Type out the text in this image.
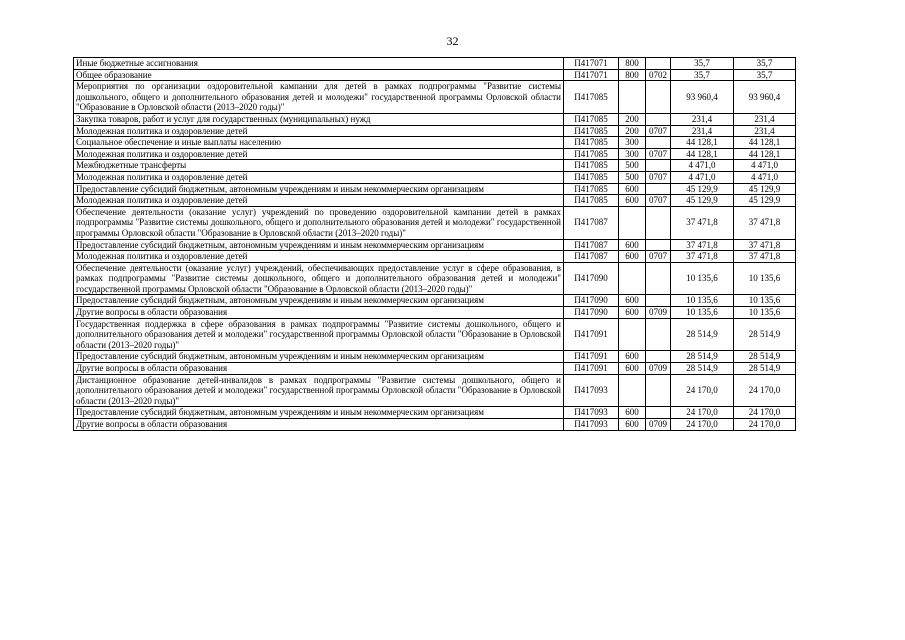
32
Иные бюджетные ассигнования	П417071	800		35,7	35,7
Общее образование	П417071	800	0702	35,7	35,7
Мероприятия по организации оздоровительной кампании для детей в рамках подпрограммы "Развитие системы дошкольного, общего и дополнительного образования детей и молодежи" государственной программы Орловской области "Образование в Орловской области (2013–2020 годы)"	П417085			93 960,4	93 960,4
Закупка товаров, работ и услуг для государственных (муниципальных) нужд	П417085	200		231,4	231,4
Молодежная политика и оздоровление детей	П417085	200	0707	231,4	231,4
Социальное обеспечение и иные выплаты населению	П417085	300		44 128,1	44 128,1
Молодежная политика и оздоровление детей	П417085	300	0707	44 128,1	44 128,1
Межбюджетные трансферты	П417085	500		4 471,0	4 471,0
Молодежная политика и оздоровление детей	П417085	500	0707	4 471,0	4 471,0
Предоставление субсидий бюджетным, автономным учреждениям и иным некоммерческим организациям	П417085	600		45 129,9	45 129,9
Молодежная политика и оздоровление детей	П417085	600	0707	45 129,9	45 129,9
Обеспечение деятельности (оказание услуг) учреждений по проведению оздоровительной кампании детей в рамках подпрограммы "Развитие системы дошкольного, общего и дополнительного образования детей и молодежи" государственной программы Орловской области "Образование в Орловской области (2013–2020 годы)"	П417087			37 471,8	37 471,8
Предоставление субсидий бюджетным, автономным учреждениям и иным некоммерческим организациям	П417087	600		37 471,8	37 471,8
Молодежная политика и оздоровление детей	П417087	600	0707	37 471,8	37 471,8
Обеспечение деятельности (оказание услуг) учреждений, обеспечивающих предоставление услуг в сфере образования, в рамках подпрограммы "Развитие системы дошкольного, общего и дополнительного образования детей и молодежи" государственной программы Орловской области "Образование в Орловской области (2013–2020 годы)"	П417090			10 135,6	10 135,6
Предоставление субсидий бюджетным, автономным учреждениям и иным некоммерческим организациям	П417090	600		10 135,6	10 135,6
Другие вопросы в области образования	П417090	600	0709	10 135,6	10 135,6
Государственная поддержка в сфере образования в рамках подпрограммы "Развитие системы дошкольного, общего и дополнительного образования детей и молодежи" государственной программы Орловской области "Образование в Орловской области (2013–2020 годы)"	П417091			28 514,9	28 514,9
Предоставление субсидий бюджетным, автономным учреждениям и иным некоммерческим организациям	П417091	600		28 514,9	28 514,9
Другие вопросы в области образования	П417091	600	0709	28 514,9	28 514,9
Дистанционное образование детей-инвалидов в рамках подпрограммы "Развитие системы дошкольного, общего и дополнительного образования детей и молодежи" государственной программы Орловской области "Образование в Орловской области (2013–2020 годы)"	П417093			24 170,0	24 170,0
Предоставление субсидий бюджетным, автономным учреждениям и иным некоммерческим организациям	П417093	600		24 170,0	24 170,0
Другие вопросы в области образования	П417093	600	0709	24 170,0	24 170,0
